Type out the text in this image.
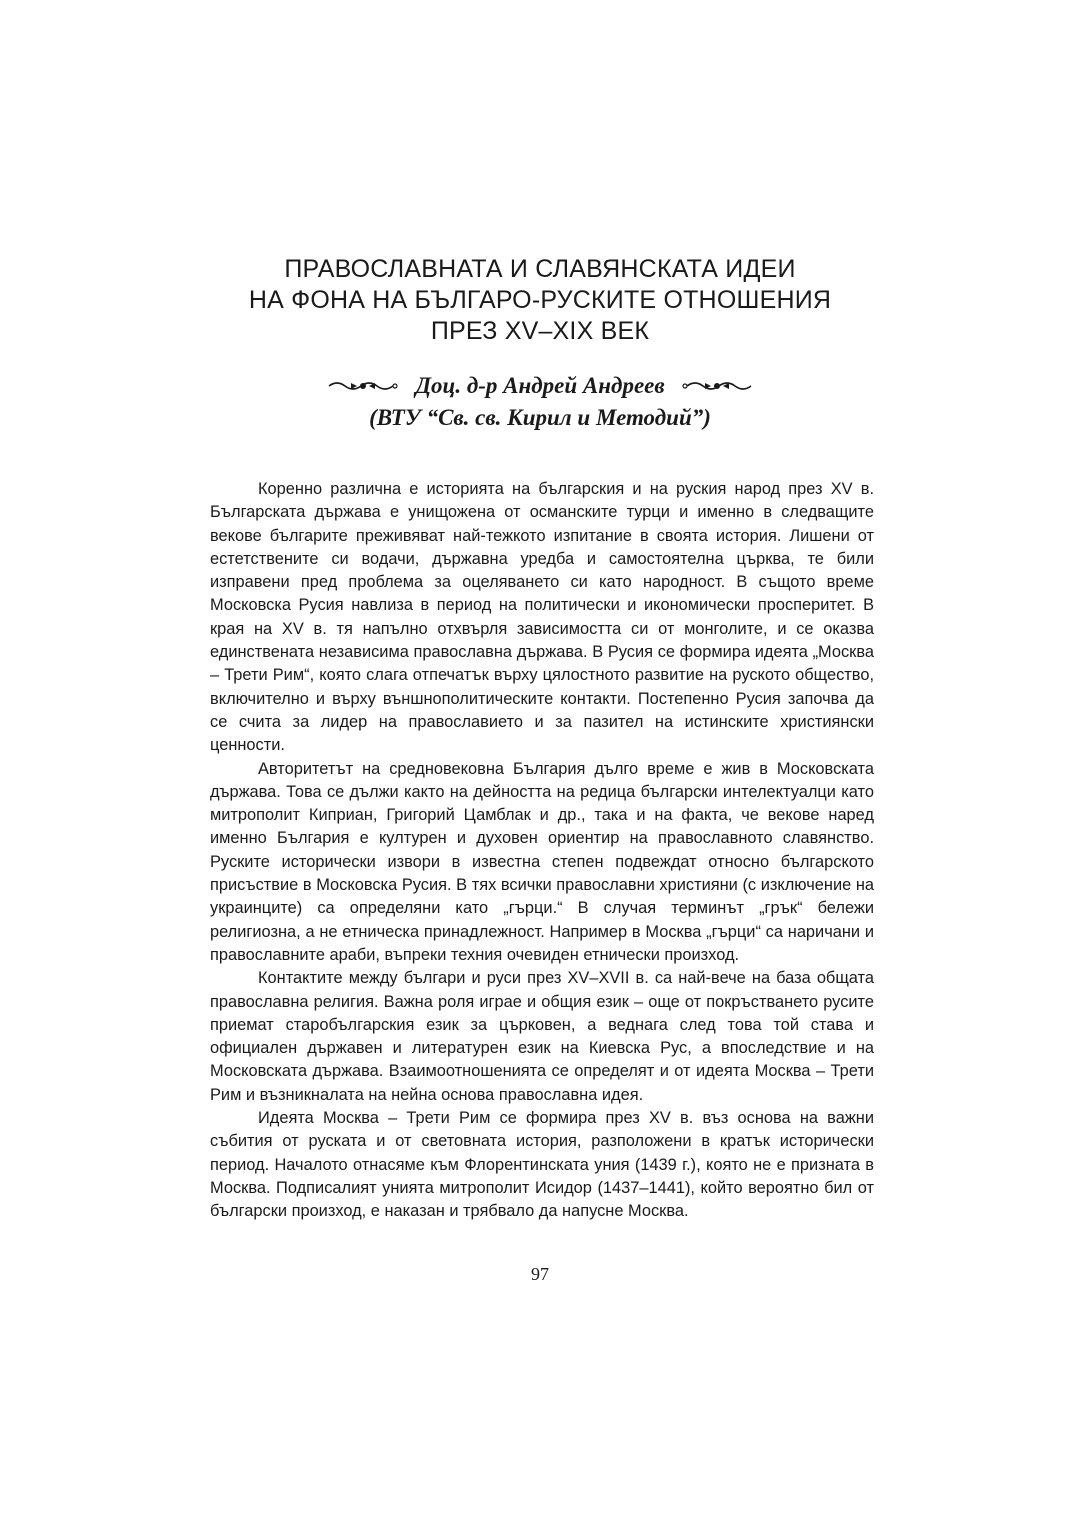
ПРАВОСЛАВНАТА И СЛАВЯНСКАТА ИДЕИ
НА ФОНА НА БЪЛГАРО-РУСКИТЕ ОТНОШЕНИЯ
ПРЕЗ XV–XIX ВЕК
Доц. д-р Андрей Андреев
(ВТУ “Св. св. Кирил и Методий”)

Коренно различна е историята на българския и на руския народ през XV в. Българската държава е унищожена от османските турци и именно в следващите векове българите преживяват най-тежкото изпитание в своята история. Лишени от естетствените си водачи, държавна уредба и самостоятелна църква, те били изправени пред проблема за оцеляването си като народност. В същото време Московска Русия навлиза в период на политически и икономически просперитет. В края на XV в. тя напълно отхвърля зависимостта си от монголите, и се оказва единствената независима православна държава. В Русия се формира идеята „Москва – Трети Рим“, която слага отпечатък върху цялостното развитие на руското общество, включително и върху външнополитическите контакти. Постепенно Русия започва да се счита за лидер на православието и за пазител на истинските християнски ценности.

Авторитетът на средновековна България дълго време е жив в Московската държава. Това се дължи както на дейността на редица български интелектуалци като митрополит Киприан, Григорий Цамблак и др., така и на факта, че векове наред именно България е културен и духовен ориентир на православното славянство. Руските исторически извори в известна степен подвеждат относно българското присъствие в Московска Русия. В тях всички православни християни (с изключение на украинците) са определяни като „гърци.“ В случая терминът „грък“ бележи религиозна, а не етническа принадлежност. Например в Москва „гърци“ са наричани и православните араби, въпреки техния очевиден етнически произход.

Контактите между българи и руси през XV–XVII в. са най-вече на база общата православна религия. Важна роля играе и общия език – още от покръстването русите приемат старобългарския език за църковен, а веднага след това той става и официален държавен и литературен език на Киевска Рус, а впоследствие и на Московската държава. Взаимоотношенията се определят и от идеята Москва – Трети Рим и възникналата на нейна основа православна идея.

Идеята Москва – Трети Рим се формира през XV в. въз основа на важни събития от руската и от световната история, разположени в кратък исторически период. Началото отнасяме към Флорентинската уния (1439 г.), която не е призната в Москва. Подписалият унията митрополит Исидор (1437–1441), който вероятно бил от български произход, е наказан и трябвало да напусне Москва.

97
